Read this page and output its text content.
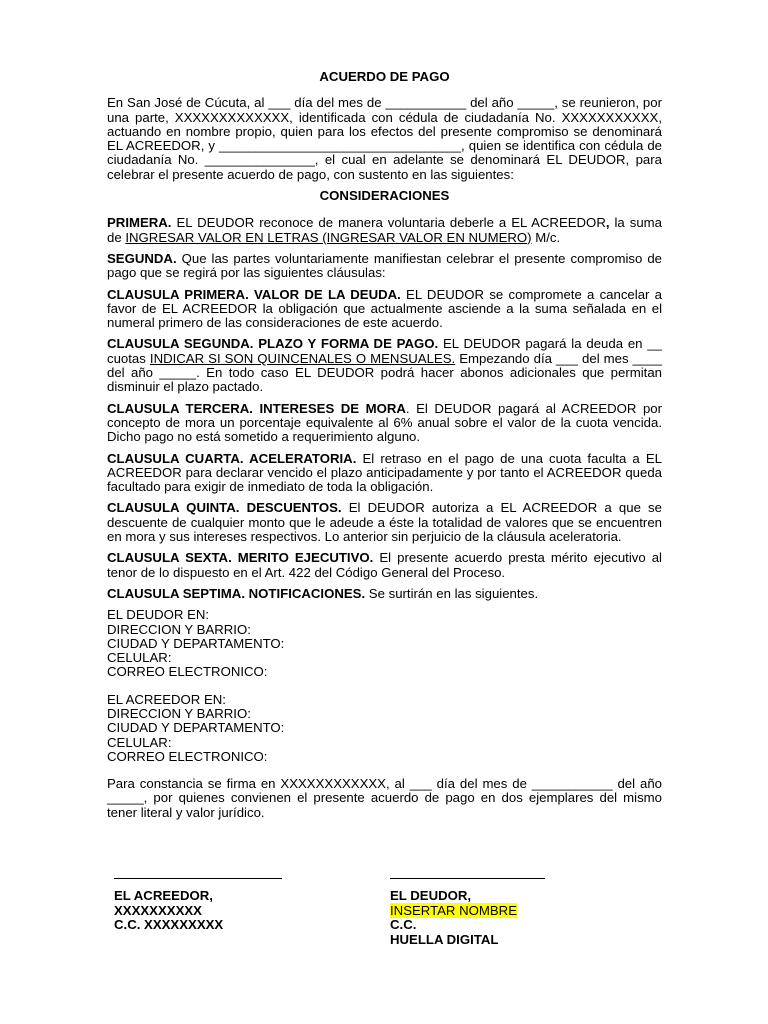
ACUERDO DE PAGO

En San José de Cúcuta, al ___ día del mes de ___________ del año _____, se reunieron, por una parte, XXXXXXXXXXXXX, identificada con cédula de ciudadanía No. XXXXXXXXXXX, actuando en nombre propio, quien para los efectos del presente compromiso se denominará EL ACREEDOR, y _________________________________, quien se identifica con cédula de ciudadanía No. _______________, el cual en adelante se denominará EL DEUDOR, para celebrar el presente acuerdo de pago, con sustento en las siguientes:

CONSIDERACIONES

PRIMERA. EL DEUDOR reconoce de manera voluntaria deberle a EL ACREEDOR, la suma de INGRESAR VALOR EN LETRAS (INGRESAR VALOR EN NUMERO) M/c.

SEGUNDA. Que las partes voluntariamente manifiestan celebrar el presente compromiso de pago que se regirá por las siguientes cláusulas:

CLAUSULA PRIMERA. VALOR DE LA DEUDA. EL DEUDOR se compromete a cancelar a favor de EL ACREEDOR la obligación que actualmente asciende a la suma señalada en el numeral primero de las consideraciones de este acuerdo.

CLAUSULA SEGUNDA. PLAZO Y FORMA DE PAGO. EL DEUDOR pagará la deuda en __ cuotas INDICAR SI SON QUINCENALES O MENSUALES. Empezando día ___ del mes ____ del año _____. En todo caso EL DEUDOR podrá hacer abonos adicionales que permitan disminuir el plazo pactado.

CLAUSULA TERCERA. INTERESES DE MORA. El DEUDOR pagará al ACREEDOR por concepto de mora un porcentaje equivalente al 6% anual sobre el valor de la cuota vencida. Dicho pago no está sometido a requerimiento alguno.

CLAUSULA CUARTA. ACELERATORIA. El retraso en el pago de una cuota faculta a EL ACREEDOR para declarar vencido el plazo anticipadamente y por tanto el ACREEDOR queda facultado para exigir de inmediato de toda la obligación.

CLAUSULA QUINTA. DESCUENTOS. El DEUDOR autoriza a EL ACREEDOR a que se descuente de cualquier monto que le adeude a éste la totalidad de valores que se encuentren en mora y sus intereses respectivos. Lo anterior sin perjuicio de la cláusula aceleratoria.

CLAUSULA SEXTA. MERITO EJECUTIVO. El presente acuerdo presta mérito ejecutivo al tenor de lo dispuesto en el Art. 422 del Código General del Proceso.

CLAUSULA SEPTIMA. NOTIFICACIONES. Se surtirán en las siguientes.

EL DEUDOR EN:
DIRECCION Y BARRIO:
CIUDAD Y DEPARTAMENTO:
CELULAR:
CORREO ELECTRONICO:
EL ACREEDOR EN:
DIRECCION Y BARRIO:
CIUDAD Y DEPARTAMENTO:
CELULAR:
CORREO ELECTRONICO:

Para constancia se firma en XXXXXXXXXXXX, al ___ día del mes de ___________ del año _____, por quienes convienen el presente acuerdo de pago en dos ejemplares del mismo tener literal y valor jurídico.

EL ACREEDOR,
XXXXXXXXXX
C.C. XXXXXXXXX
EL DEUDOR,
INSERTAR NOMBRE
C.C.
HUELLA DIGITAL
